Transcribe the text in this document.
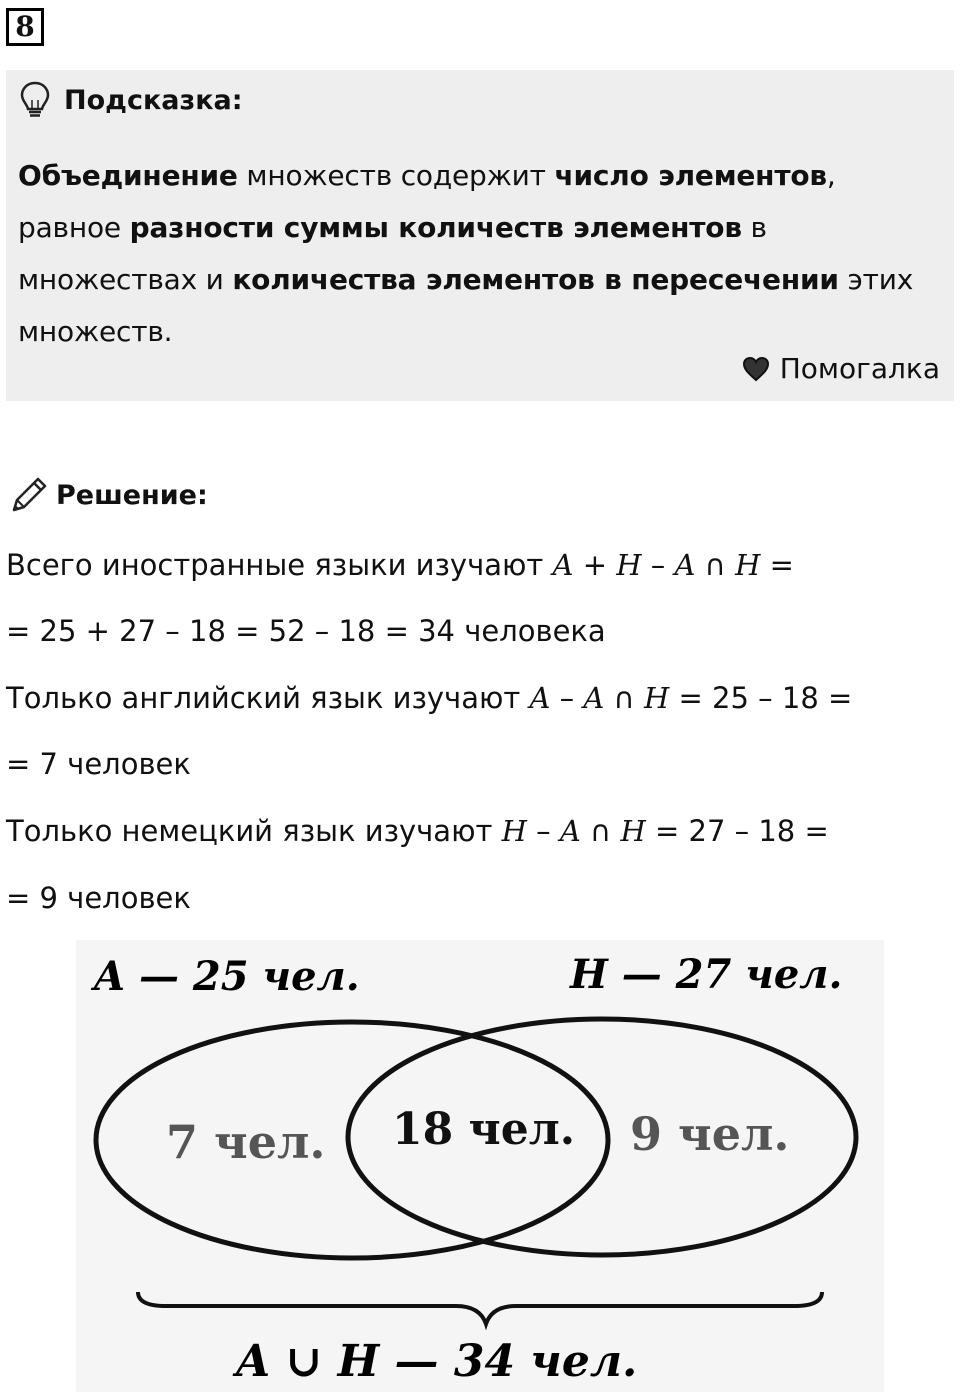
8
Подсказка:

Объединение множеств содержит число элементов,
равное разности суммы количеств элементов в
множествах и количества элементов в пересечении этих
множеств.

Помогалка
Решение:
Всего иностранные языки изучают A + H – A ∩ H =
= 25 + 27 – 18 = 52 – 18 = 34 человека
Только английский язык изучают A – A ∩ H = 25 – 18 =
= 7 человек
Только немецкий язык изучают H – A ∩ H = 27 – 18 =
= 9 человек
A — 25 чел.	H — 27 чел.
7 чел. 18 чел. 9 чел.
A ∪ H — 34 чел.
